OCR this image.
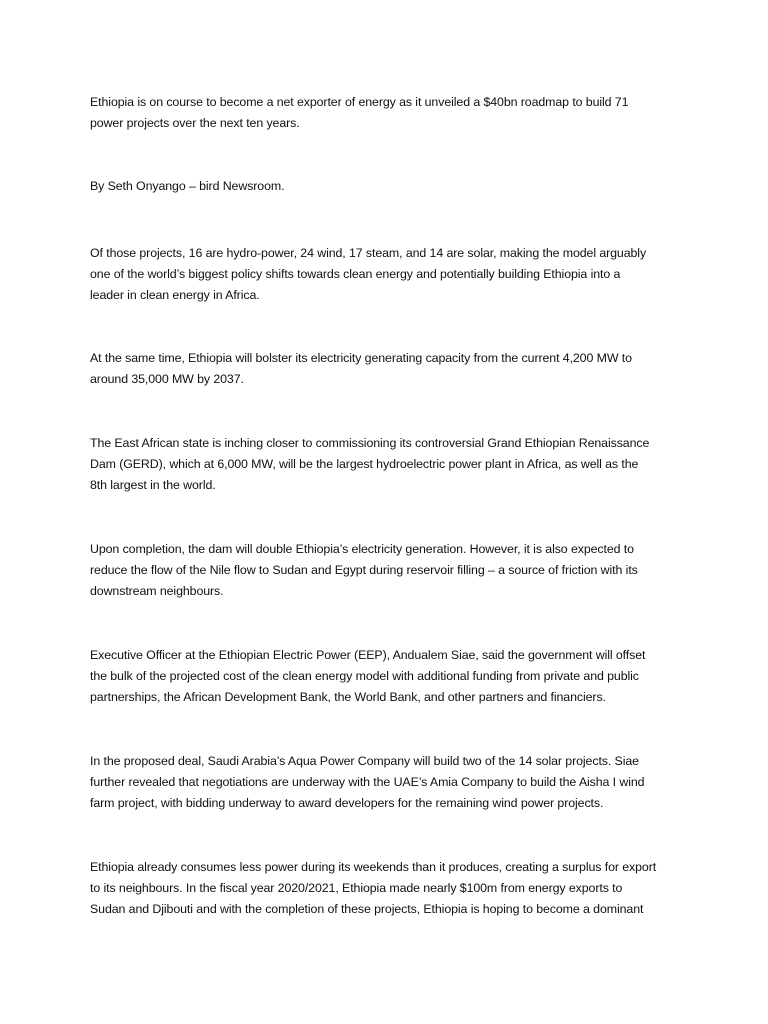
Ethiopia is on course to become a net exporter of energy as it unveiled a $40bn roadmap to build 71
power projects over the next ten years.

By Seth Onyango – bird Newsroom.

Of those projects, 16 are hydro-power, 24 wind, 17 steam, and 14 are solar, making the model arguably
one of the world’s biggest policy shifts towards clean energy and potentially building Ethiopia into a
leader in clean energy in Africa.

At the same time, Ethiopia will bolster its electricity generating capacity from the current 4,200 MW to
around 35,000 MW by 2037.

The East African state is inching closer to commissioning its controversial Grand Ethiopian Renaissance
Dam (GERD), which at 6,000 MW, will be the largest hydroelectric power plant in Africa, as well as the
8th largest in the world.

Upon completion, the dam will double Ethiopia’s electricity generation. However, it is also expected to
reduce the flow of the Nile flow to Sudan and Egypt during reservoir filling – a source of friction with its
downstream neighbours.

Executive Officer at the Ethiopian Electric Power (EEP), Andualem Siae, said the government will offset
the bulk of the projected cost of the clean energy model with additional funding from private and public
partnerships, the African Development Bank, the World Bank, and other partners and financiers.

In the proposed deal, Saudi Arabia’s Aqua Power Company will build two of the 14 solar projects. Siae
further revealed that negotiations are underway with the UAE’s Amia Company to build the Aisha I wind
farm project, with bidding underway to award developers for the remaining wind power projects.

Ethiopia already consumes less power during its weekends than it produces, creating a surplus for export
to its neighbours. In the fiscal year 2020/2021, Ethiopia made nearly $100m from energy exports to
Sudan and Djibouti and with the completion of these projects, Ethiopia is hoping to become a dominant
